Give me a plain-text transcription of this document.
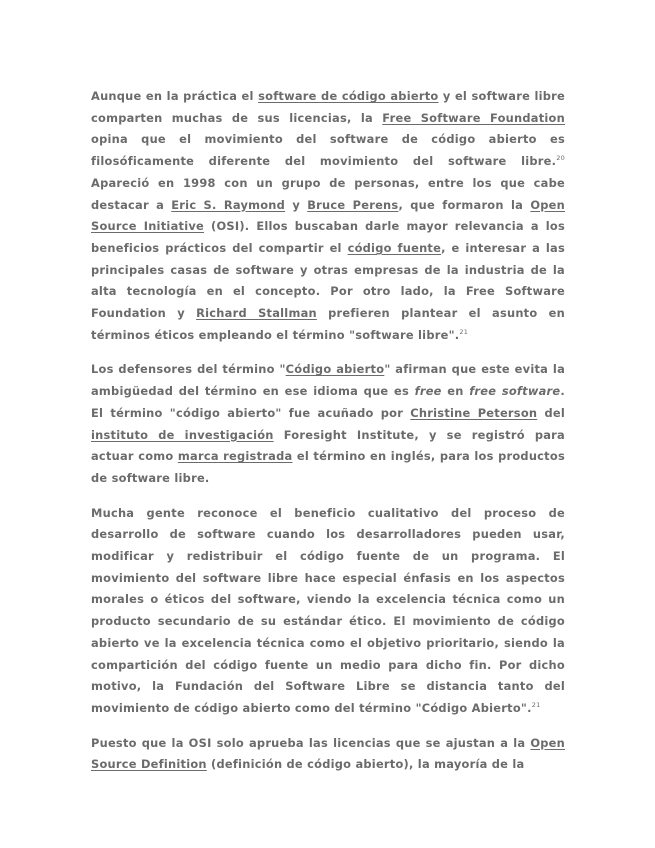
Aunque en la práctica el software de código abierto y el software libre comparten muchas de sus licencias, la Free Software Foundation opina que el movimiento del software de código abierto es filosóficamente diferente del movimiento del software libre.$^{20}$ Apareció en 1998 con un grupo de personas, entre los que cabe destacar a Eric S. Raymond y Bruce Perens, que formaron la Open Source Initiative (OSI). Ellos buscaban darle mayor relevancia a los beneficios prácticos del compartir el código fuente, e interesar a las principales casas de software y otras empresas de la industria de la alta tecnología en el concepto. Por otro lado, la Free Software Foundation y Richard Stallman prefieren plantear el asunto en términos éticos empleando el término "software libre".$^{21}$

Los defensores del término "Código abierto" afirman que este evita la ambigüedad del término en ese idioma que es free en free software. El término "código abierto" fue acuñado por Christine Peterson del instituto de investigación Foresight Institute, y se registró para actuar como marca registrada el término en inglés, para los productos de software libre.

Mucha gente reconoce el beneficio cualitativo del proceso de desarrollo de software cuando los desarrolladores pueden usar, modificar y redistribuir el código fuente de un programa. El movimiento del software libre hace especial énfasis en los aspectos morales o éticos del software, viendo la excelencia técnica como un producto secundario de su estándar ético. El movimiento de código abierto ve la excelencia técnica como el objetivo prioritario, siendo la compartición del código fuente un medio para dicho fin. Por dicho motivo, la Fundación del Software Libre se distancia tanto del movimiento de código abierto como del término "Código Abierto".$^{21}$

Puesto que la OSI solo aprueba las licencias que se ajustan a la Open Source Definition (definición de código abierto), la mayoría de la
